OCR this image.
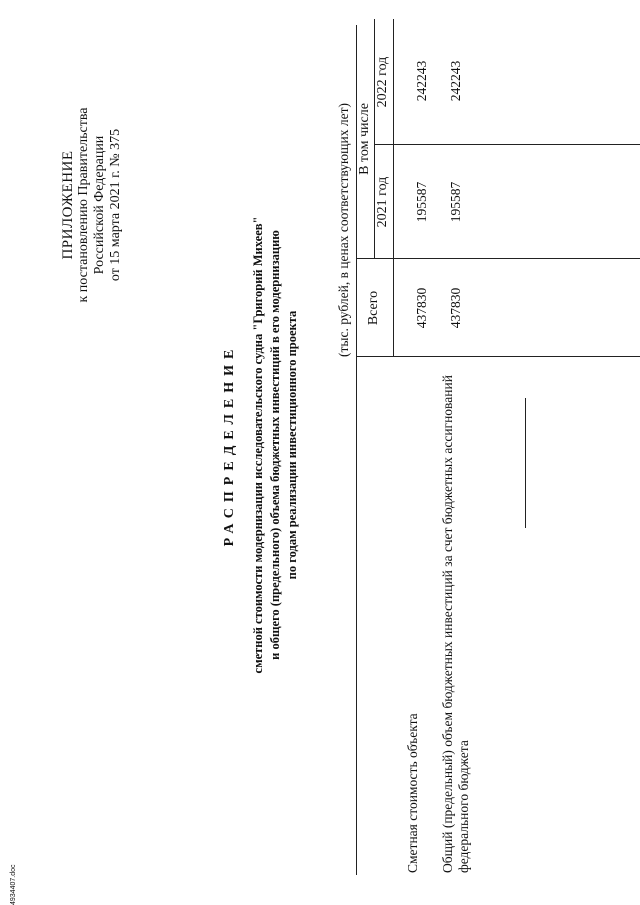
ПРИЛОЖЕНИЕ к постановлению Правительства Российской Федерации от 15 марта 2021 г. № 375
РАСПРЕДЕЛЕНИЕ сметной стоимости модернизации исследовательского судна "Григорий Михеев" и общего (предельного) объема бюджетных инвестиций в его модернизацию по годам реализации инвестиционного проекта
(тыс. рублей, в ценах соответствующих лет) Всего
В том числе
2021 год
2022 год
Сметная стоимость объекта
437830
195587
242243
Общий (предельный) объем бюджетных инвестиций за счет бюджетных ассигнований федерального бюджета
437830
195587
242243
4934407.doc
